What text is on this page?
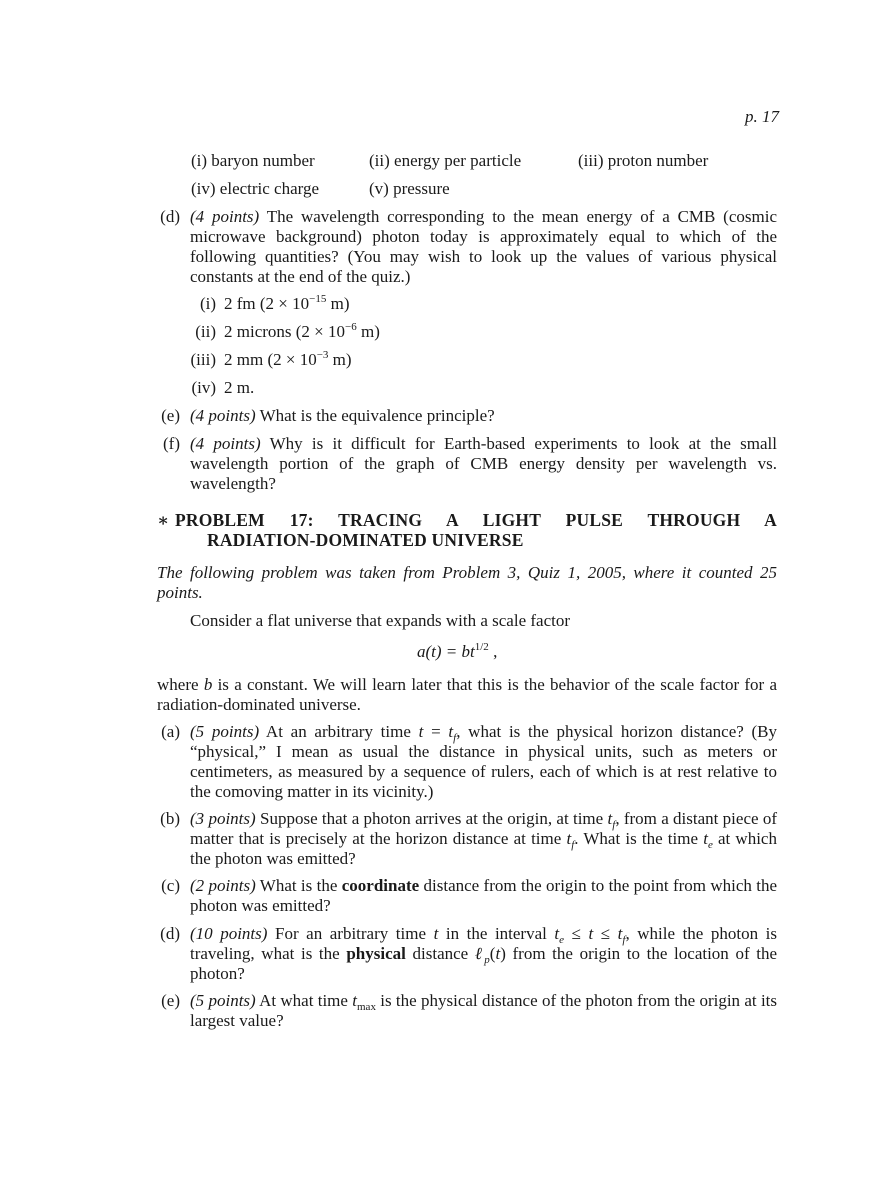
p. 17
(i) baryon number	(ii) energy per particle	(iii) proton number
(iv) electric charge	(v) pressure
(d) (4 points) The wavelength corresponding to the mean energy of a CMB (cosmic microwave background) photon today is approximately equal to which of the following quantities? (You may wish to look up the values of various physical constants at the end of the quiz.)
(i) 2 fm ($2 \times 10^{-15}$ m)
(ii) 2 microns ($2 \times 10^{-6}$ m)
(iii) 2 mm ($2 \times 10^{-3}$ m)
(iv) 2 m.
(e) (4 points) What is the equivalence principle?
(f) (4 points) Why is it difficult for Earth-based experiments to look at the small wavelength portion of the graph of CMB energy density per wavelength vs. wavelength?
∗ PROBLEM 17: TRACING A LIGHT PULSE THROUGH A
RADIATION-DOMINATED UNIVERSE
The following problem was taken from Problem 3, Quiz 1, 2005, where it counted 25 points.
Consider a flat universe that expands with a scale factor
$a(t) = bt^{1/2}$ ,
where b is a constant. We will learn later that this is the behavior of the scale factor for a radiation-dominated universe.
(a) (5 points) At an arbitrary time $t = t_f$, what is the physical horizon distance? (By “physical,” I mean as usual the distance in physical units, such as meters or centimeters, as measured by a sequence of rulers, each of which is at rest relative to the comoving matter in its vicinity.)
(b) (3 points) Suppose that a photon arrives at the origin, at time $t_f$, from a distant piece of matter that is precisely at the horizon distance at time $t_f$. What is the time $t_e$ at which the photon was emitted?
(c) (2 points) What is the coordinate distance from the origin to the point from which the photon was emitted?
(d) (10 points) For an arbitrary time t in the interval $t_e \le t \le t_f$, while the photon is traveling, what is the physical distance ℓ$_p$(t) from the origin to the location of the photon?
(e) (5 points) At what time $t_{max}$ is the physical distance of the photon from the origin at its largest value?
